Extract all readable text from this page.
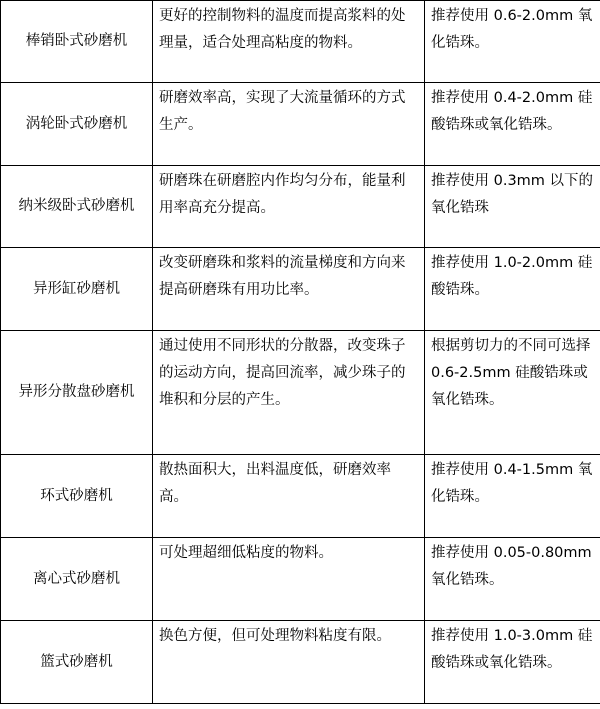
棒销卧式砂磨机	更好的控制物料的温度而提高浆料的处理量，适合处理高粘度的物料。	推荐使用 0.6-2.0mm 氧化锆珠。
涡轮卧式砂磨机	研磨效率高，实现了大流量循环的方式生产。	推荐使用 0.4-2.0mm 硅酸锆珠或氧化锆珠。
纳米级卧式砂磨机	研磨珠在研磨腔内作均匀分布，能量利用率高充分提高。	推荐使用 0.3mm 以下的氧化锆珠
异形缸砂磨机	改变研磨珠和浆料的流量梯度和方向来提高研磨珠有用功比率。	推荐使用 1.0-2.0mm 硅酸锆珠。
异形分散盘砂磨机	通过使用不同形状的分散器，改变珠子的运动方向，提高回流率，减少珠子的堆积和分层的产生。	根据剪切力的不同可选择 0.6-2.5mm 硅酸锆珠或氧化锆珠。
环式砂磨机	散热面积大，出料温度低，研磨效率高。	推荐使用 0.4-1.5mm 氧化锆珠。
离心式砂磨机	可处理超细低粘度的物料。	推荐使用 0.05-0.80mm 氧化锆珠。
篮式砂磨机	换色方便，但可处理物料粘度有限。	推荐使用 1.0-3.0mm 硅酸锆珠或氧化锆珠。
